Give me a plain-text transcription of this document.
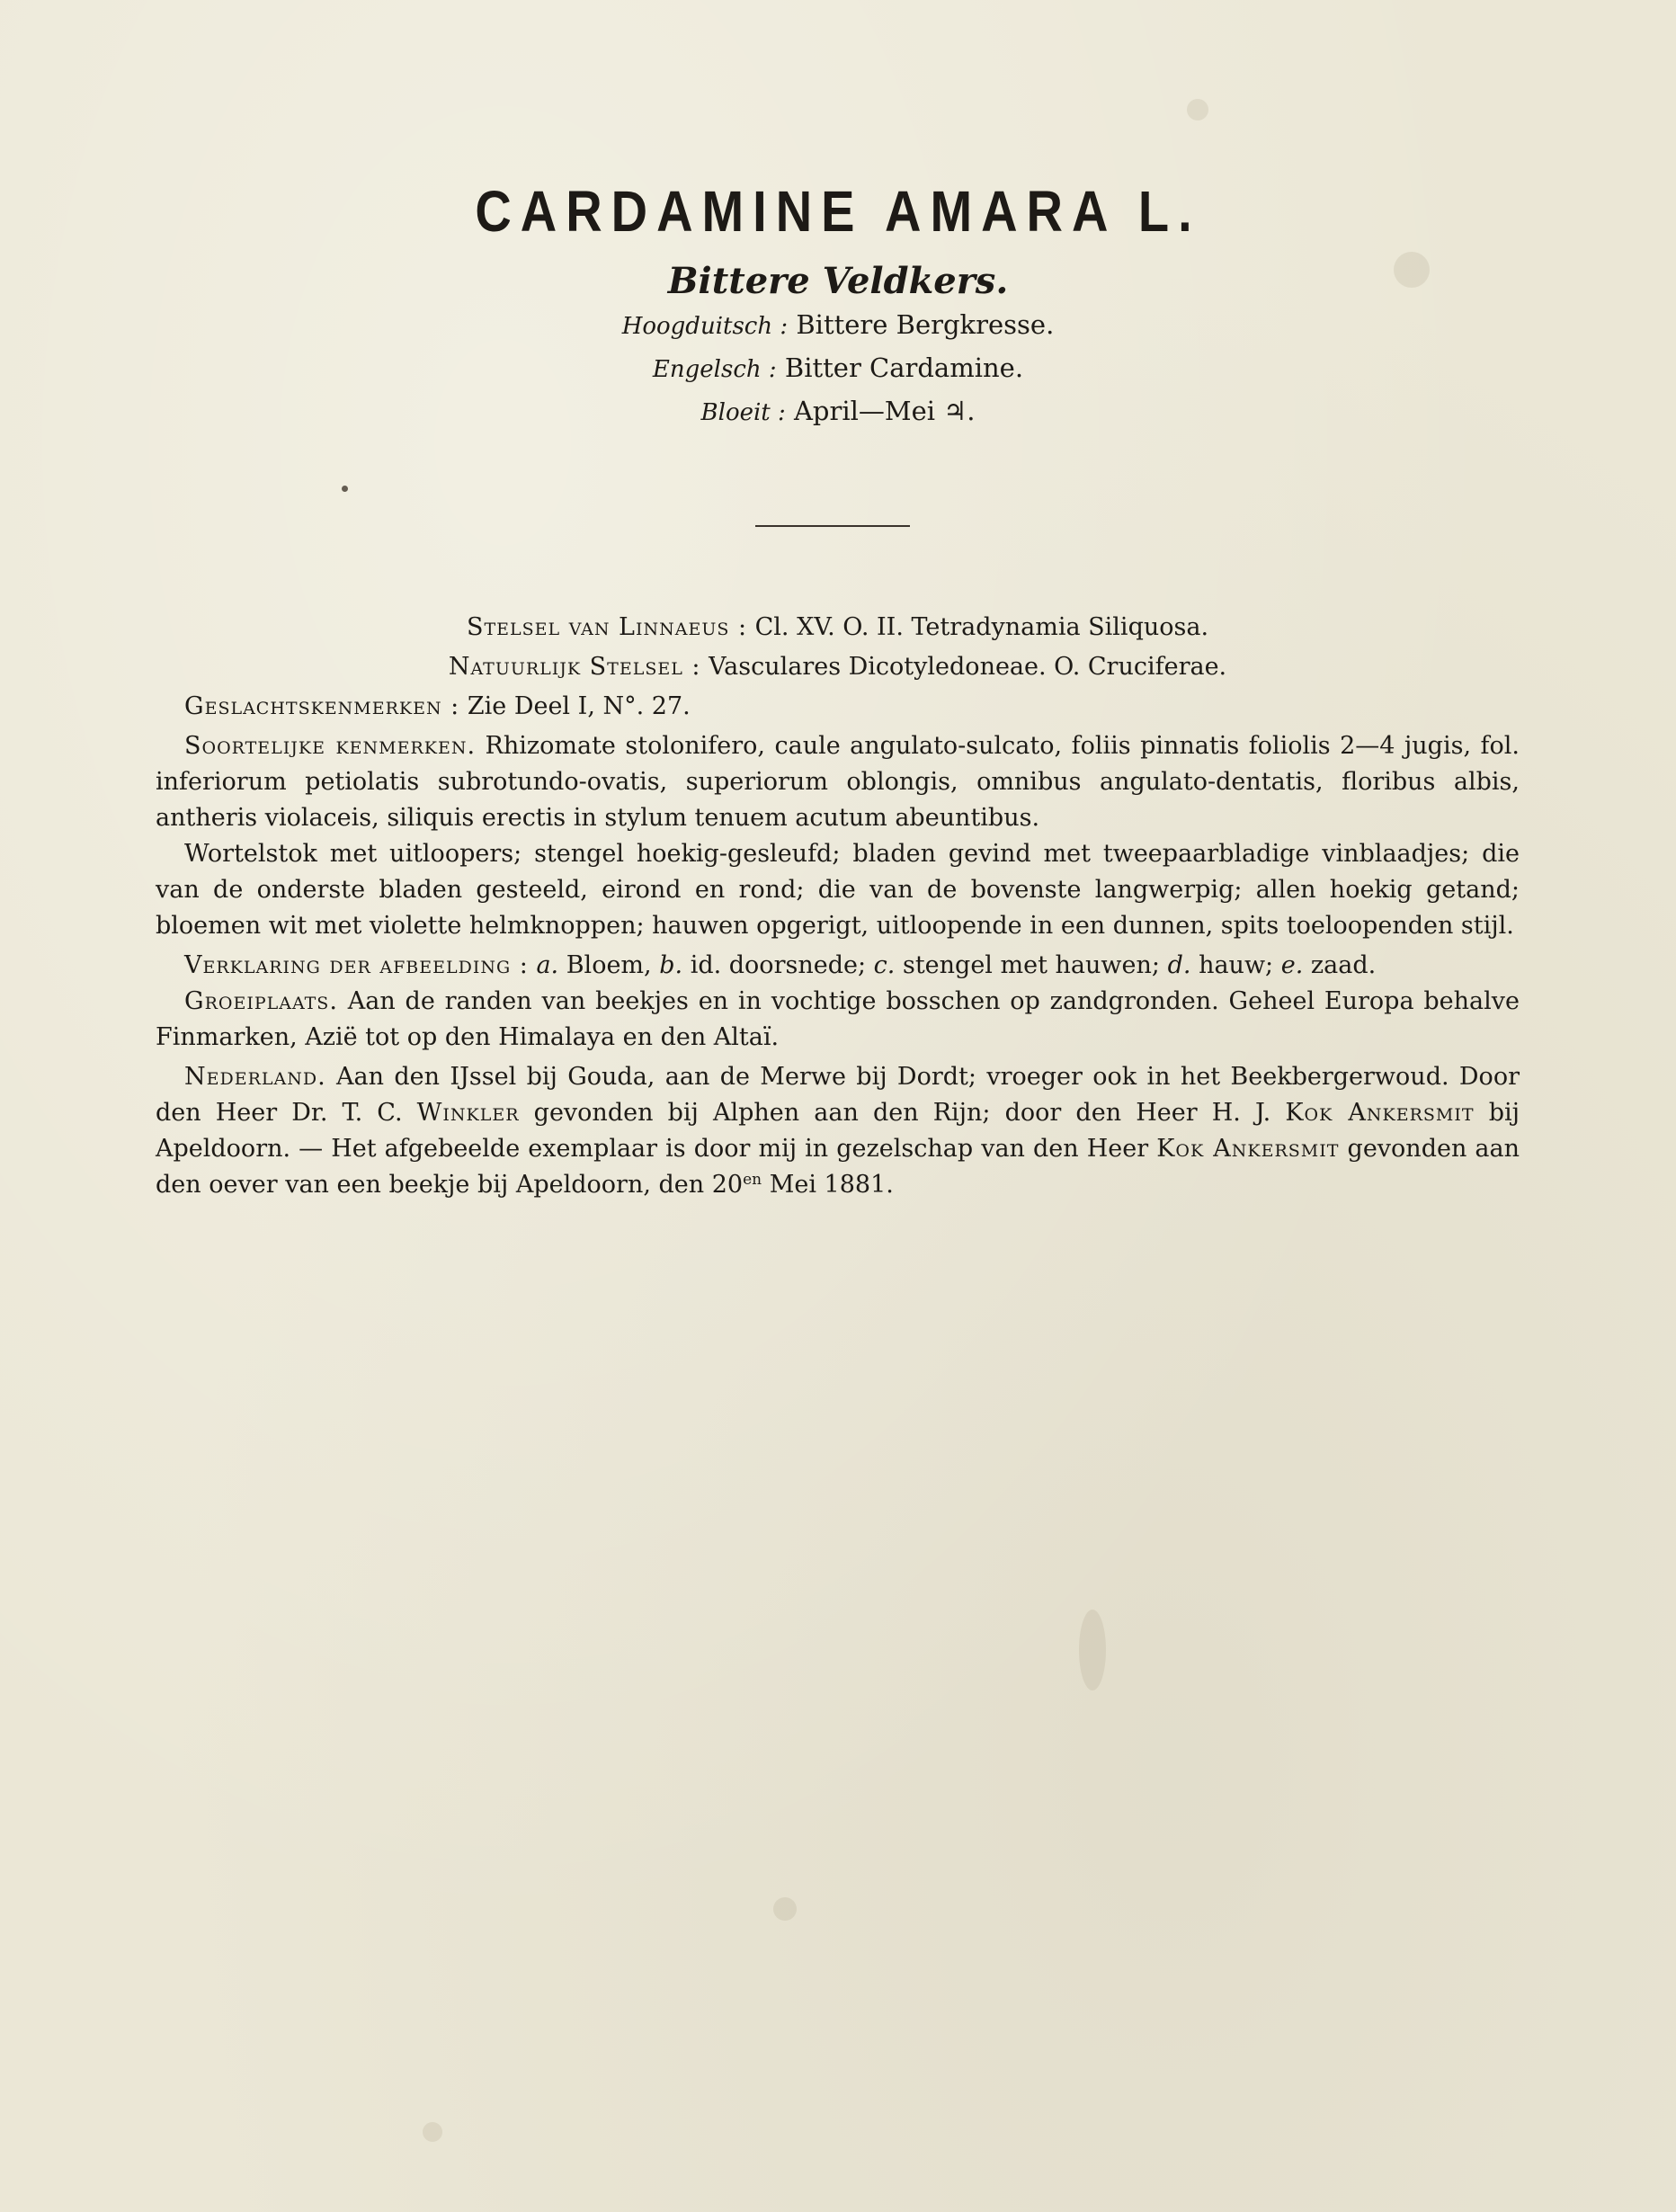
CARDAMINE AMARA L.
Bittere Veldkers.
Hoogduitsch : Bittere Bergkresse.
Engelsch : Bitter Cardamine.
Bloeit : April—Mei ♃.
Stelsel van Linnaeus : Cl. XV. O. II. Tetradynamia Siliquosa.
Natuurlijk Stelsel : Vasculares Dicotyledoneae. O. Cruciferae.

Geslachtskenmerken : Zie Deel I, N°. 27.

Soortelijke kenmerken. Rhizomate stolonifero, caule angulato-sulcato, foliis pinnatis foliolis 2—4 jugis, fol. inferiorum petiolatis subrotundo-ovatis, superiorum oblongis, omnibus angulato-dentatis, floribus albis, antheris violaceis, siliquis erectis in stylum tenuem acutum abeuntibus.

Wortelstok met uitloopers; stengel hoekig-gesleufd; bladen gevind met tweepaarbladige vinblaadjes; die van de onderste bladen gesteeld, eirond en rond; die van de bovenste langwerpig; allen hoekig getand; bloemen wit met violette helmknoppen; hauwen opgerigt, uitloopende in een dunnen, spits toeloopenden stijl.

Verklaring der afbeelding : a. Bloem, b. id. doorsnede; c. stengel met hauwen; d. hauw; e. zaad.

Groeiplaats. Aan de randen van beekjes en in vochtige bosschen op zandgronden. Geheel Europa behalve Finmarken, Azië tot op den Himalaya en den Altaï.

Nederland. Aan den IJssel bij Gouda, aan de Merwe bij Dordt; vroeger ook in het Beekbergerwoud. Door den Heer Dr. T. C. Winkler gevonden bij Alphen aan den Rijn; door den Heer H. J. Kok Ankersmit bij Apeldoorn. — Het afgebeelde exemplaar is door mij in gezelschap van den Heer Kok Ankersmit gevonden aan den oever van een beekje bij Apeldoorn, den $20^{en}$ Mei 1881.
